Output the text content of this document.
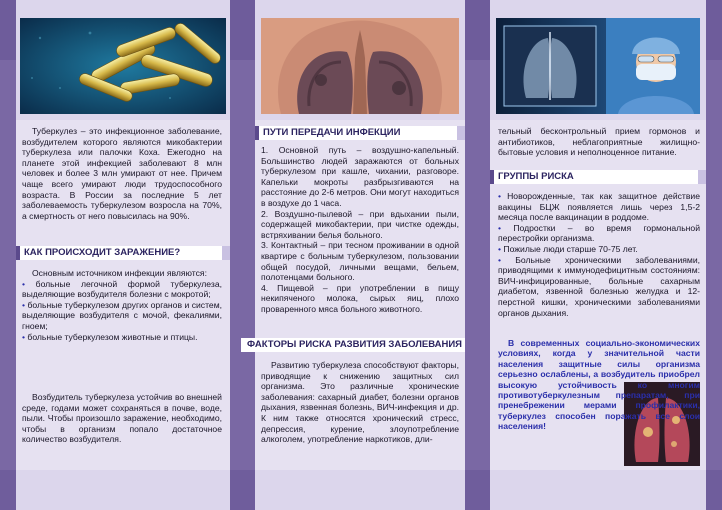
Туберкулез – это инфекционное заболевание, возбудителем которого являются микобактерии туберкулеза или палочки Коха. Ежегодно на планете этой инфекцией заболевают 8 млн человек и более 3 млн умирают от нее. Причем чаще всего умирают люди трудоспособного возраста. В России за последние 5 лет заболеваемость туберкулезом возросла на 70%, а смертность от него повысилась на 90%.
КАК ПРОИСХОДИТ ЗАРАЖЕНИЕ?

Основным источником инфекции являются:

• больные легочной формой туберкулеза, выделяющие возбудителя болезни с мокротой;

• больные туберкулезом других органов и систем, выделяющие возбудителя с мочой, фекалиями, гноем;

• больные туберкулезом животные и птицы.

Возбудитель туберкулеза устойчив во внешней среде, годами может сохраняться в почве, воде, пыли. Чтобы произошло заражение, необходимо, чтобы в организм попало достаточное количество возбудителя.
ПУТИ ПЕРЕДАЧИ ИНФЕКЦИИ

1. Основной путь – воздушно-капельный. Большинство людей заражаются от больных туберкулезом при кашле, чихании, разговоре. Капельки мокроты разбрызгиваются на расстояние до 2-6 метров. Они могут находиться в воздухе до 1 часа.

2. Воздушно-пылевой – при вдыхании пыли, содержащей микобактерии, при чистке одежды, встряхивании белья больного.

3. Контактный – при тесном проживании в одной квартире с больным туберкулезом, пользовании общей посудой, личными вещами, бельем, полотенцами больного.

4. Пищевой – при употреблении в пищу некипяченого молока, сырых яиц, плохо проваренного мяса больного животного.

ФАКТОРЫ РИСКА РАЗВИТИЯ ЗАБОЛЕВАНИЯ
Развитию туберкулеза способствуют факторы, приводящие к снижению защитных сил организма. Это различные хронические заболевания: сахарный диабет, болезни органов дыхания, язвенная болезнь, ВИЧ-инфекция и др. К ним также относятся хронический стресс, депрессия, курение, злоупотребление алкоголем, употребление наркотиков, дли-
тельный бесконтрольный прием гормонов и антибиотиков, неблагоприятные жилищно-бытовые условия и неполноценное питание.
ГРУППЫ РИСКА

• Новорожденные, так как защитное действие вакцины БЦЖ появляется лишь через 1,5-2 месяца после вакцинации в роддоме.

• Подростки – во время гормональной перестройки организма.

• Пожилые люди старше 70-75 лет.

• Больные хроническими заболеваниями, приводящими к иммунодефицитным состояниям: ВИЧ-инфицированные, больные сахарным диабетом, язвенной болезнью желудка и 12-перстной кишки, хроническими заболеваниями органов дыхания.

В современных социально-экономических условиях, когда у значительной части населения защитные силы организма серьезно ослаблены, а возбудитель приобрел высокую устойчивость ко многим противотуберкулезным препаратам, при пренебрежении мерами профилактики, туберкулез способен поражать все слои населения!
